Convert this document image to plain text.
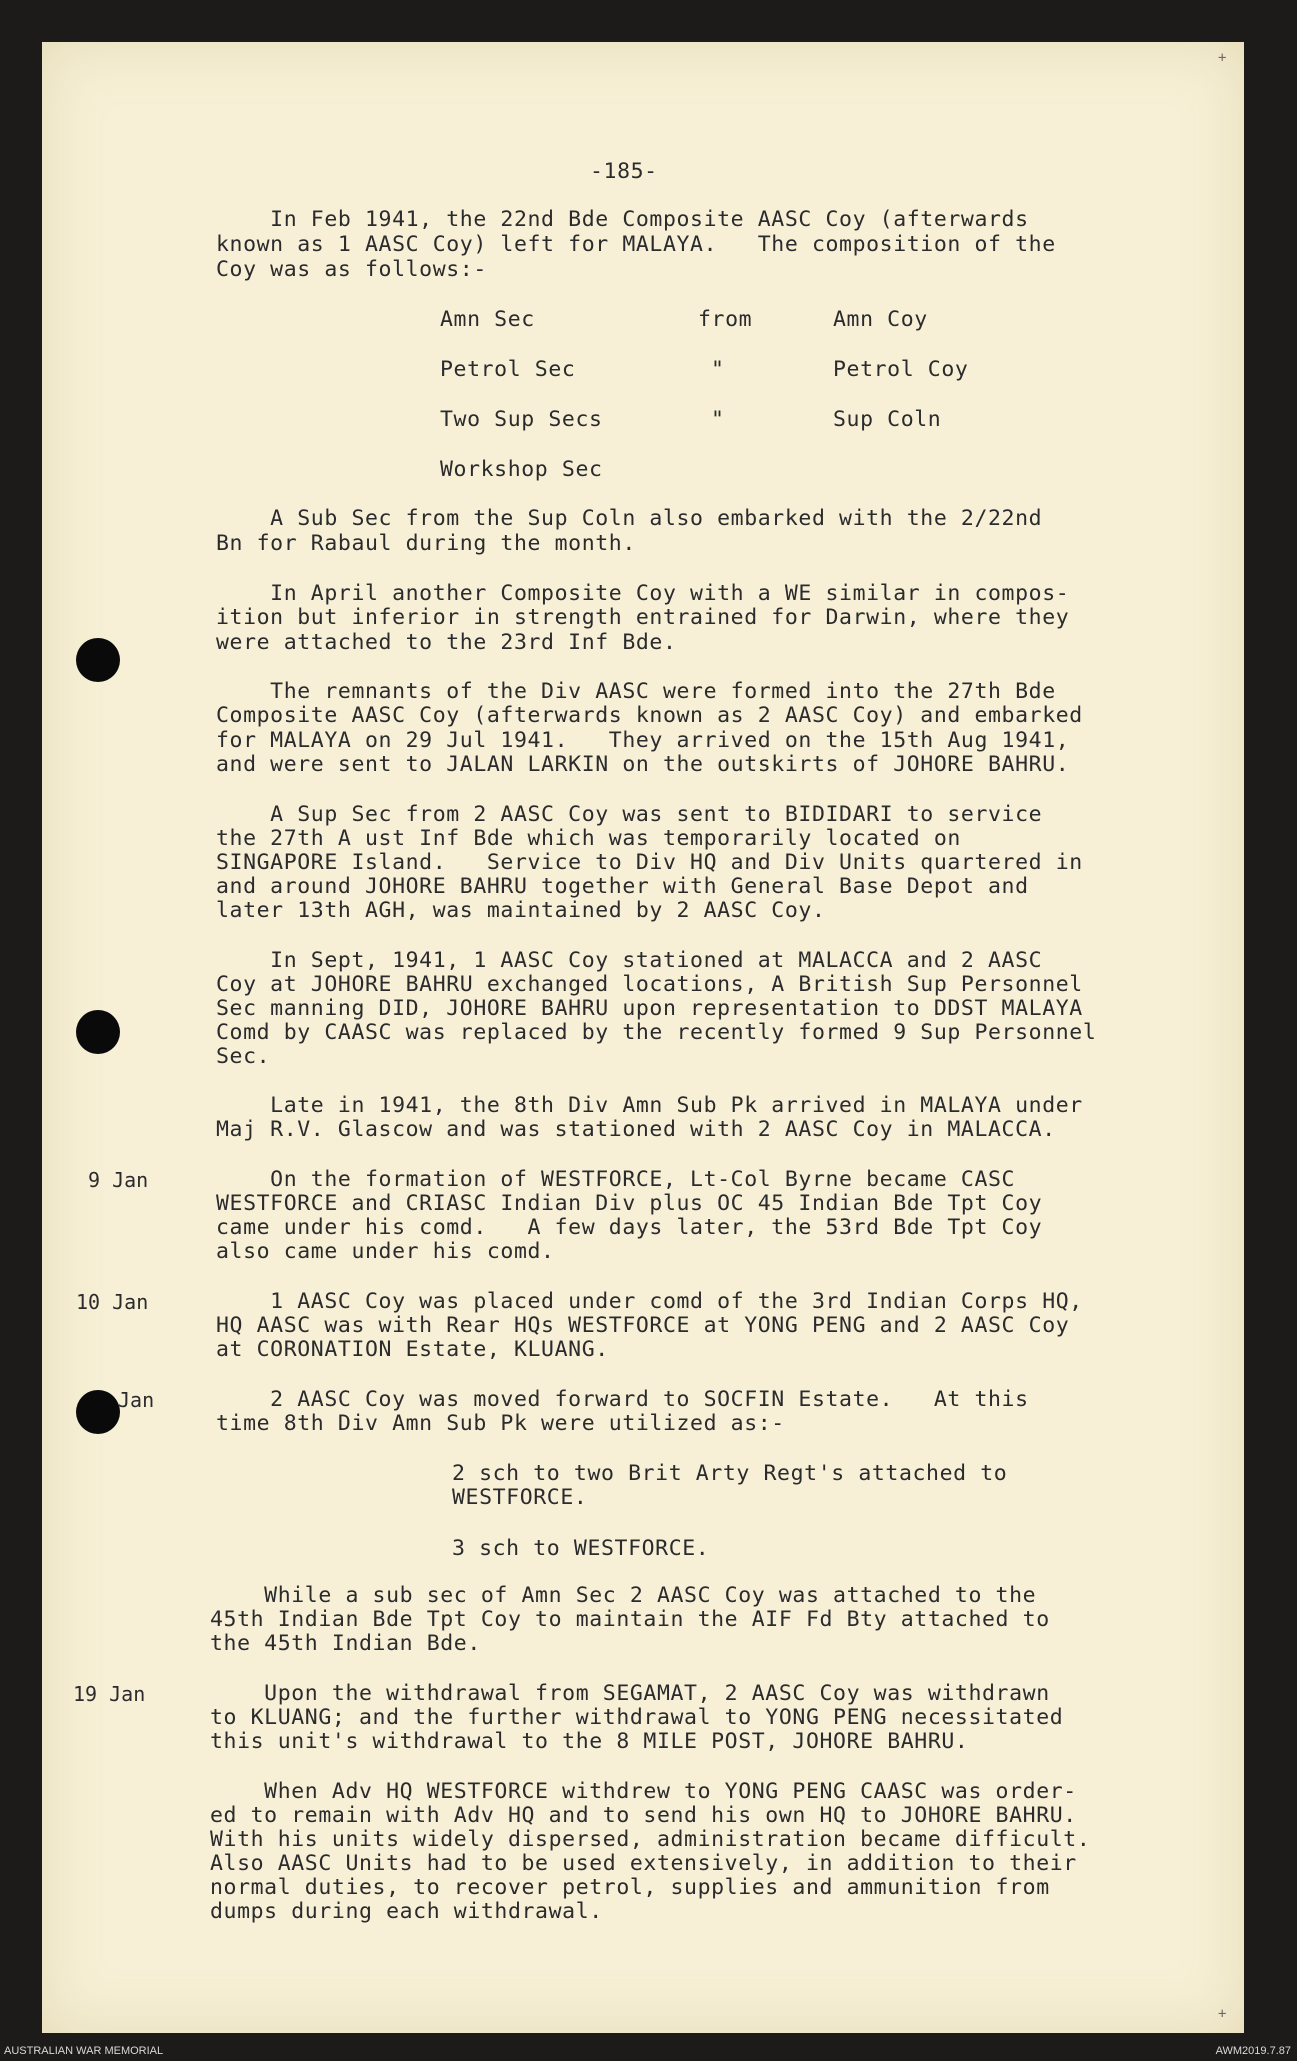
+
+
-185-
In Feb 1941, the 22nd Bde Composite AASC Coy (afterwards
known as 1 AASC Coy) left for MALAYA.   The composition of the
Coy was as follows:-
Amn Sec	from	Amn Coy
Petrol Sec	"	Petrol Coy
Two Sup Secs	"	Sup Coln
Workshop Sec
A Sub Sec from the Sup Coln also embarked with the 2/22nd
Bn for Rabaul during the month.
In April another Composite Coy with a WE similar in compos-
ition but inferior in strength entrained for Darwin, where they
were attached to the 23rd Inf Bde.
The remnants of the Div AASC were formed into the 27th Bde
Composite AASC Coy (afterwards known as 2 AASC Coy) and embarked
for MALAYA on 29 Jul 1941.   They arrived on the 15th Aug 1941,
and were sent to JALAN LARKIN on the outskirts of JOHORE BAHRU.
A Sup Sec from 2 AASC Coy was sent to BIDIDARI to service
the 27th A ust Inf Bde which was temporarily located on
SINGAPORE Island.   Service to Div HQ and Div Units quartered in
and around JOHORE BAHRU together with General Base Depot and
later 13th AGH, was maintained by 2 AASC Coy.
In Sept, 1941, 1 AASC Coy stationed at MALACCA and 2 AASC
Coy at JOHORE BAHRU exchanged locations, A British Sup Personnel
Sec manning DID, JOHORE BAHRU upon representation to DDST MALAYA
Comd by CAASC was replaced by the recently formed 9 Sup Personnel
Sec.
Late in 1941, the 8th Div Amn Sub Pk arrived in MALAYA under
Maj R.V. Glascow and was stationed with 2 AASC Coy in MALACCA.
9 Jan	On the formation of WESTFORCE, Lt-Col Byrne became CASC
WESTFORCE and CRIASC Indian Div plus OC 45 Indian Bde Tpt Coy
came under his comd.   A few days later, the 53rd Bde Tpt Coy
also came under his comd.
10 Jan	1 AASC Coy was placed under comd of the 3rd Indian Corps HQ,
HQ AASC was with Rear HQs WESTFORCE at YONG PENG and 2 AASC Coy
at CORONATION Estate, KLUANG.
Jan	2 AASC Coy was moved forward to SOCFIN Estate.   At this
time 8th Div Amn Sub Pk were utilized as:-
2 sch to two Brit Arty Regt's attached to
WESTFORCE.
3 sch to WESTFORCE.
While a sub sec of Amn Sec 2 AASC Coy was attached to the
45th Indian Bde Tpt Coy to maintain the AIF Fd Bty attached to
the 45th Indian Bde.
19 Jan	Upon the withdrawal from SEGAMAT, 2 AASC Coy was withdrawn
to KLUANG; and the further withdrawal to YONG PENG necessitated
this unit's withdrawal to the 8 MILE POST, JOHORE BAHRU.
When Adv HQ WESTFORCE withdrew to YONG PENG CAASC was order-
ed to remain with Adv HQ and to send his own HQ to JOHORE BAHRU.
With his units widely dispersed, administration became difficult.
Also AASC Units had to be used extensively, in addition to their
normal duties, to recover petrol, supplies and ammunition from
dumps during each withdrawal.
AUSTRALIAN WAR MEMORIAL	AWM2019.7.87
